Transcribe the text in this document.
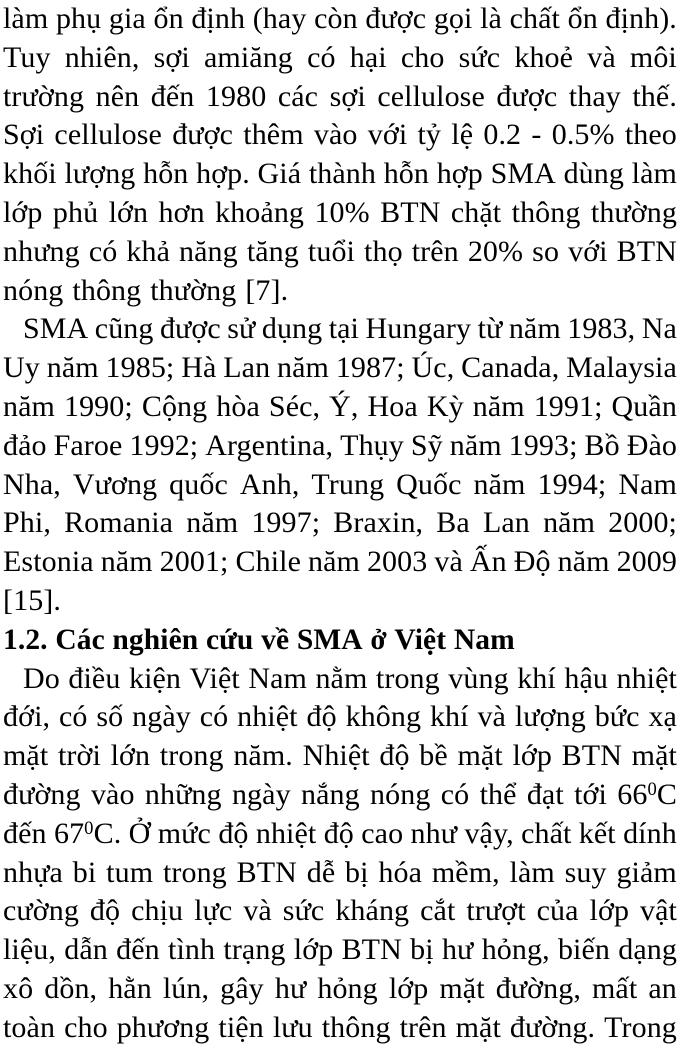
làm phụ gia ổn định (hay còn được gọi là chất ổn định).
Tuy nhiên, sợi amiăng có hại cho sức khoẻ và môi
trường nên đến 1980 các sợi cellulose được thay thế.
Sợi cellulose được thêm vào với tỷ lệ 0.2 - 0.5% theo
khối lượng hỗn hợp. Giá thành hỗn hợp SMA dùng làm
lớp phủ lớn hơn khoảng 10% BTN chặt thông thường
nhưng có khả năng tăng tuổi thọ trên 20% so với BTN
nóng thông thường [7].
SMA cũng được sử dụng tại Hungary từ năm 1983, Na
Uy năm 1985; Hà Lan năm 1987; Úc, Canada, Malaysia
năm 1990; Cộng hòa Séc, Ý, Hoa Kỳ năm 1991; Quần
đảo Faroe 1992; Argentina, Thụy Sỹ năm 1993; Bồ Đào
Nha, Vương quốc Anh, Trung Quốc năm 1994; Nam
Phi, Romania năm 1997; Braxin, Ba Lan năm 2000;
Estonia năm 2001; Chile năm 2003 và Ấn Độ năm 2009
[15].
1.2. Các nghiên cứu về SMA ở Việt Nam
Do điều kiện Việt Nam nằm trong vùng khí hậu nhiệt
đới, có số ngày có nhiệt độ không khí và lượng bức xạ
mặt trời lớn trong năm. Nhiệt độ bề mặt lớp BTN mặt
đường vào những ngày nắng nóng có thể đạt tới $66^0C$
đến $67^0C$. Ở mức độ nhiệt độ cao như vậy, chất kết dính
nhựa bi tum trong BTN dễ bị hóa mềm, làm suy giảm
cường độ chịu lực và sức kháng cắt trượt của lớp vật
liệu, dẫn đến tình trạng lớp BTN bị hư hỏng, biến dạng
xô dồn, hằn lún, gây hư hỏng lớp mặt đường, mất an
toàn cho phương tiện lưu thông trên mặt đường. Trong
